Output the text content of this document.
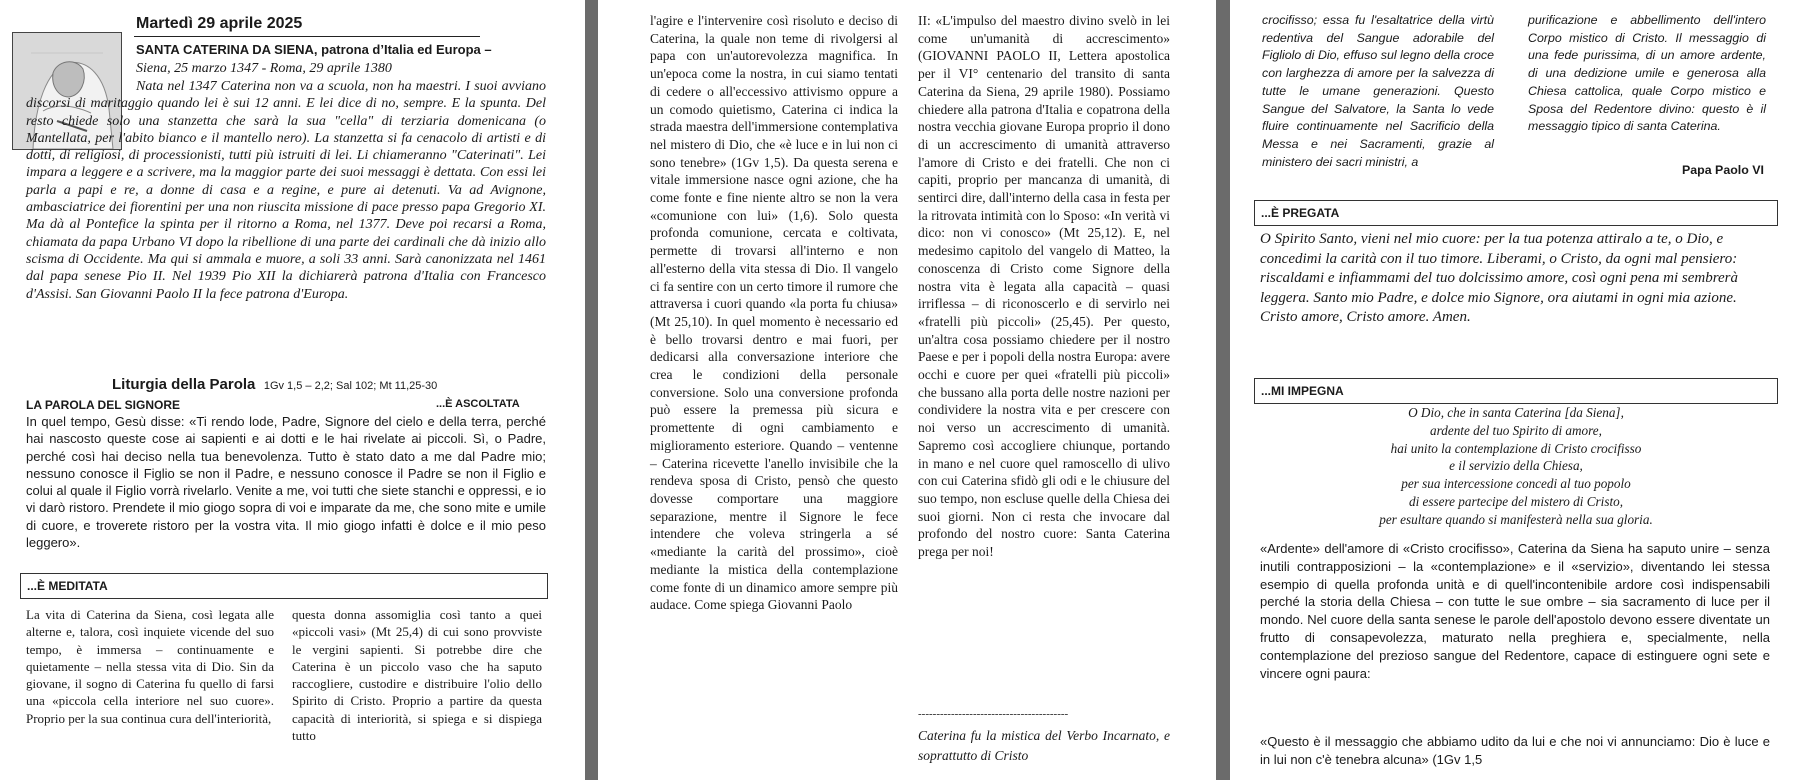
Martedì 29 aprile 2025
SANTA CATERINA DA SIENA, patrona d’Italia ed Europa –
Siena, 25 marzo 1347 - Roma, 29 aprile 1380
Nata nel 1347 Caterina non va a scuola, non ha maestri. I suoi avviano discorsi di maritaggio quando lei è sui 12 anni. E lei dice di no, sempre. E la spunta. Del resto chiede solo una stanzetta che sarà la sua "cella" di terziaria domenicana (o Mantellata, per l'abito bianco e il mantello nero). La stanzetta si fa cenacolo di artisti e di dotti, di religiosi, di processionisti, tutti più istruiti di lei. Li chiameranno "Caterinati". Lei impara a leggere e a scrivere, ma la maggior parte dei suoi messaggi è dettata. Con essi lei parla a papi e re, a donne di casa e a regine, e pure ai detenuti. Va ad Avignone, ambasciatrice dei fiorentini per una non riuscita missione di pace presso papa Gregorio XI. Ma dà al Pontefice la spinta per il ritorno a Roma, nel 1377. Deve poi recarsi a Roma, chiamata da papa Urbano VI dopo la ribellione di una parte dei cardinali che dà inizio allo scisma di Occidente. Ma qui si ammala e muore, a soli 33 anni. Sarà canonizzata nel 1461 dal papa senese Pio II. Nel 1939 Pio XII la dichiarerà patrona d'Italia con Francesco d'Assisi. San Giovanni Paolo II la fece patrona d'Europa.
Liturgia della Parola 1Gv 1,5 – 2,2; Sal 102; Mt 11,25-30
LA PAROLA DEL SIGNORE	...È ASCOLTATA
In quel tempo, Gesù disse: «Ti rendo lode, Padre, Signore del cielo e della terra, perché hai nascosto queste cose ai sapienti e ai dotti e le hai rivelate ai piccoli. Sì, o Padre, perché così hai deciso nella tua benevolenza. Tutto è stato dato a me dal Padre mio; nessuno conosce il Figlio se non il Padre, e nessuno conosce il Padre se non il Figlio e colui al quale il Figlio vorrà rivelarlo. Venite a me, voi tutti che siete stanchi e oppressi, e io vi darò ristoro. Prendete il mio giogo sopra di voi e imparate da me, che sono mite e umile di cuore, e troverete ristoro per la vostra vita. Il mio giogo infatti è dolce e il mio peso leggero».
...È MEDITATA
La vita di Caterina da Siena, così legata alle alterne e, talora, così inquiete vicende del suo tempo, è immersa – continuamente e quietamente – nella stessa vita di Dio. Sin da giovane, il sogno di Caterina fu quello di farsi una «piccola cella interiore nel suo cuore». Proprio per la sua continua cura dell'interiorità,
questa donna assomiglia così tanto a quei «piccoli vasi» (Mt 25,4) di cui sono provviste le vergini sapienti. Si potrebbe dire che Caterina è un piccolo vaso che ha saputo raccogliere, custodire e distribuire l'olio dello Spirito di Cristo. Proprio a partire da questa capacità di interiorità, si spiega e si dispiega tutto
l'agire e l'intervenire così risoluto e deciso di Caterina, la quale non teme di rivolgersi al papa con un'autorevolezza magnifica. In un'epoca come la nostra, in cui siamo tentati di cedere o all'eccessivo attivismo oppure a un comodo quietismo, Caterina ci indica la strada maestra dell'immersione contemplativa nel mistero di Dio, che «è luce e in lui non ci sono tenebre» (1Gv 1,5). Da questa serena e vitale immersione nasce ogni azione, che ha come fonte e fine niente altro se non la vera «comunione con lui» (1,6). Solo questa profonda comunione, cercata e coltivata, permette di trovarsi all'interno e non all'esterno della vita stessa di Dio. Il vangelo ci fa sentire con un certo timore il rumore che attraversa i cuori quando «la porta fu chiusa» (Mt 25,10). In quel momento è necessario ed è bello trovarsi dentro e mai fuori, per dedicarsi alla conversazione interiore che crea le condizioni della personale conversione. Solo una conversione profonda può essere la premessa più sicura e promettente di ogni cambiamento e miglioramento esteriore. Quando – ventenne – Caterina ricevette l'anello invisibile che la rendeva sposa di Cristo, pensò che questo dovesse comportare una maggiore separazione, mentre il Signore le fece intendere che voleva stringerla a sé «mediante la carità del prossimo», cioè mediante la mistica della contemplazione come fonte di un dinamico amore sempre più audace. Come spiega Giovanni Paolo
II: «L'impulso del maestro divino svelò in lei come un'umanità di accrescimento» (GIOVANNI PAOLO II, Lettera apostolica per il VI° centenario del transito di santa Caterina da Siena, 29 aprile 1980). Possiamo chiedere alla patrona d'Italia e copatrona della nostra vecchia giovane Europa proprio il dono di un accrescimento di umanità attraverso l'amore di Cristo e dei fratelli. Che non ci capiti, proprio per mancanza di umanità, di sentirci dire, dall'interno della casa in festa per la ritrovata intimità con lo Sposo: «In verità vi dico: non vi conosco» (Mt 25,12). E, nel medesimo capitolo del vangelo di Matteo, la conoscenza di Cristo come Signore della nostra vita è legata alla capacità – quasi irriflessa – di riconoscerlo e di servirlo nei «fratelli più piccoli» (25,45). Per questo, un'altra cosa possiamo chiedere per il nostro Paese e per i popoli della nostra Europa: avere occhi e cuore per quei «fratelli più piccoli» che bussano alla porta delle nostre nazioni per condividere la nostra vita e per crescere con noi verso un accrescimento di umanità. Sapremo così accogliere chiunque, portando in mano e nel cuore quel ramoscello di ulivo con cui Caterina sfidò gli odi e le chiusure del suo tempo, non escluse quelle della Chiesa dei suoi giorni. Non ci resta che invocare dal profondo del nostro cuore: Santa Caterina prega per noi!
-----------------------------------------
Caterina fu la mistica del Verbo Incarnato, e soprattutto di Cristo
crocifisso; essa fu l'esaltatrice della virtù redentiva del Sangue adorabile del Figliolo di Dio, effuso sul legno della croce con larghezza di amore per la salvezza di tutte le umane generazioni. Questo Sangue del Salvatore, la Santa lo vede fluire continuamente nel Sacrificio della Messa e nei Sacramenti, grazie al ministero dei sacri ministri, a
purificazione e abbellimento dell'intero Corpo mistico di Cristo. Il messaggio di una fede purissima, di un amore ardente, di una dedizione umile e generosa alla Chiesa cattolica, quale Corpo mistico e Sposa del Redentore divino: questo è il messaggio tipico di santa Caterina.
Papa Paolo VI
...È PREGATA
O Spirito Santo, vieni nel mio cuore: per la tua potenza attiralo a te, o Dio, e concedimi la carità con il tuo timore. Liberami, o Cristo, da ogni mal pensiero:
riscaldami e infiammami del tuo dolcissimo amore, così ogni pena mi sembrerà leggera. Santo mio Padre, e dolce mio Signore, ora aiutami in ogni mia azione.
Cristo amore, Cristo amore. Amen.
...MI IMPEGNA
O Dio, che in santa Caterina [da Siena],
ardente del tuo Spirito di amore,
hai unito la contemplazione di Cristo crocifisso
e il servizio della Chiesa,
per sua intercessione concedi al tuo popolo
di essere partecipe del mistero di Cristo,
per esultare quando si manifesterà nella sua gloria.
«Ardente» dell'amore di «Cristo crocifisso», Caterina da Siena ha saputo unire – senza inutili contrapposizioni – la «contemplazione» e il «servizio», diventando lei stessa esempio di quella profonda unità e di quell'incontenibile ardore così indispensabili perché la storia della Chiesa – con tutte le sue ombre – sia sacramento di luce per il mondo. Nel cuore della santa senese le parole dell'apostolo devono essere diventate un frutto di consapevolezza, maturato nella preghiera e, specialmente, nella contemplazione del prezioso sangue del Redentore, capace di estinguere ogni sete e vincere ogni paura:
«Questo è il messaggio che abbiamo udito da lui e che noi vi annunciamo: Dio è luce e in lui non c'è tenebra alcuna» (1Gv 1,5
